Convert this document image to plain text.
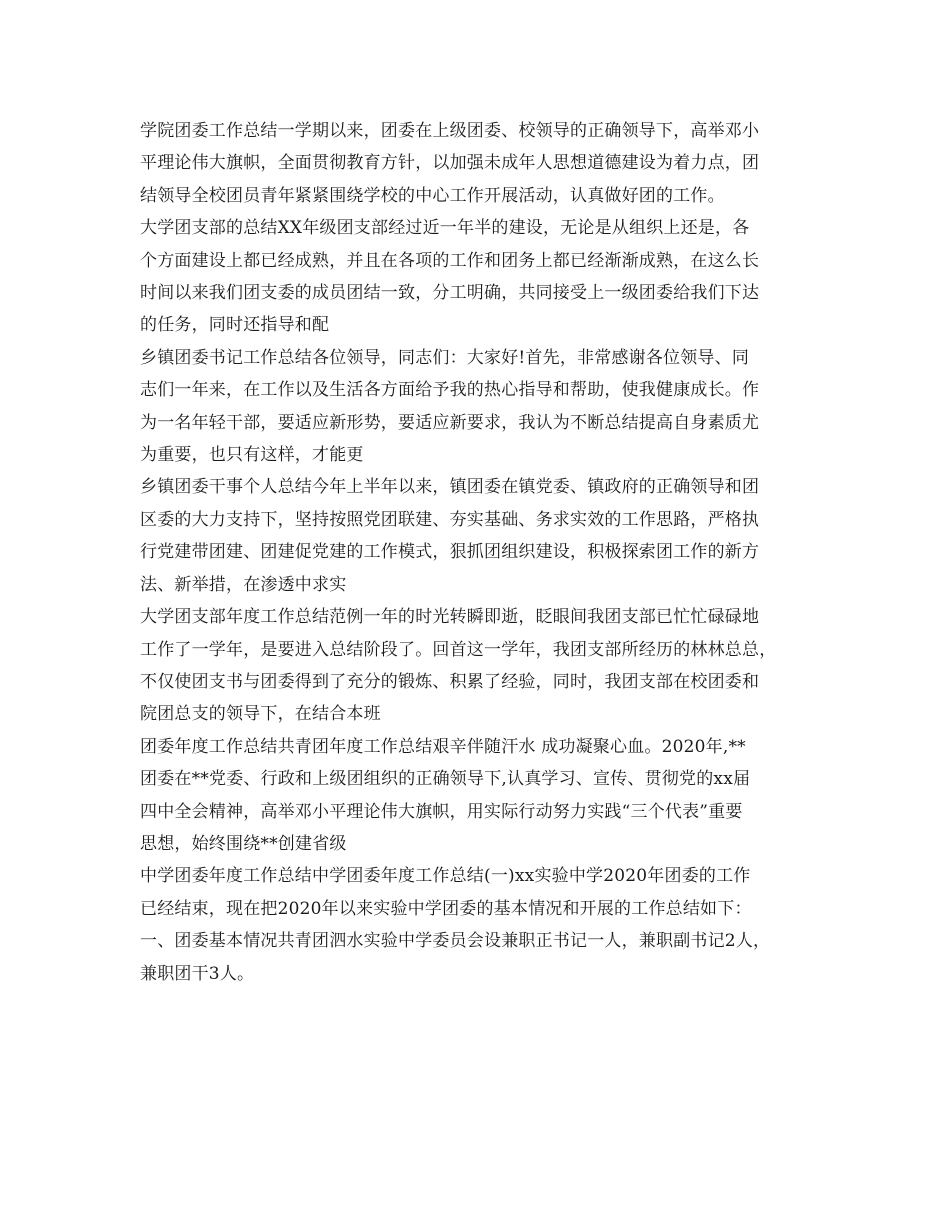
学院团委工作总结一学期以来，团委在上级团委、校领导的正确领导下，高举邓小
平理论伟大旗帜，全面贯彻教育方针，以加强未成年人思想道德建设为着力点，团
结领导全校团员青年紧紧围绕学校的中心工作开展活动，认真做好团的工作。
大学团支部的总结XX年级团支部经过近一年半的建设，无论是从组织上还是，各
个方面建设上都已经成熟，并且在各项的工作和团务上都已经渐渐成熟，在这么长
时间以来我们团支委的成员团结一致，分工明确，共同接受上一级团委给我们下达
的任务，同时还指导和配
乡镇团委书记工作总结各位领导，同志们：大家好!首先，非常感谢各位领导、同
志们一年来，在工作以及生活各方面给予我的热心指导和帮助，使我健康成长。作
为一名年轻干部，要适应新形势，要适应新要求，我认为不断总结提高自身素质尤
为重要，也只有这样，才能更
乡镇团委干事个人总结今年上半年以来，镇团委在镇党委、镇政府的正确领导和团
区委的大力支持下，坚持按照党团联建、夯实基础、务求实效的工作思路，严格执
行党建带团建、团建促党建的工作模式，狠抓团组织建设，积极探索团工作的新方
法、新举措，在渗透中求实
大学团支部年度工作总结范例一年的时光转瞬即逝，眨眼间我团支部已忙忙碌碌地
工作了一学年，是要进入总结阶段了。回首这一学年，我团支部所经历的林林总总，
不仅使团支书与团委得到了充分的锻炼、积累了经验，同时，我团支部在校团委和
院团总支的领导下，在结合本班
团委年度工作总结共青团年度工作总结艰辛伴随汗水 成功凝聚心血。2020年,**
团委在**党委、行政和上级团组织的正确领导下,认真学习、宣传、贯彻党的xx届
四中全会精神，高举邓小平理论伟大旗帜，用实际行动努力实践“三个代表”重要
思想，始终围绕**创建省级
中学团委年度工作总结中学团委年度工作总结(一)xx实验中学2020年团委的工作
已经结束，现在把2020年以来实验中学团委的基本情况和开展的工作总结如下：
一、团委基本情况共青团泗水实验中学委员会设兼职正书记一人，兼职副书记2人，
兼职团干3人。
